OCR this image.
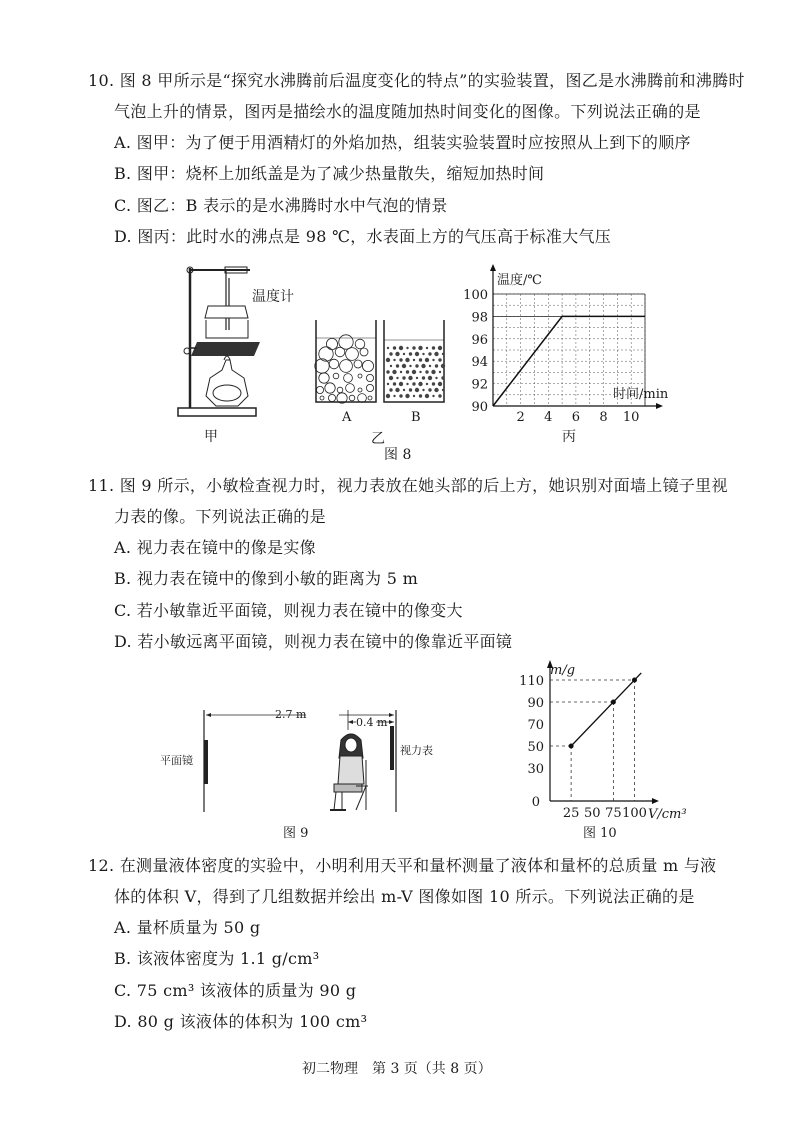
10. 图 8 甲所示是“探究水沸腾前后温度变化的特点”的实验装置，图乙是水沸腾前和沸腾时
气泡上升的情景，图丙是描绘水的温度随加热时间变化的图像。下列说法正确的是
A. 图甲：为了便于用酒精灯的外焰加热，组装实验装置时应按照从上到下的顺序
B. 图甲：烧杯上加纸盖是为了减少热量散失，缩短加热时间
C. 图乙：B 表示的是水沸腾时水中气泡的情景
D. 图丙：此时水的沸点是 98 ℃，水表面上方的气压高于标准大气压
温度计
甲
A	B
乙
90
92
94
96
98
100
2 4 6 8 10
温度/℃
时间/min
丙
图 8
11. 图 9 所示，小敏检查视力时，视力表放在她头部的后上方，她识别对面墙上镜子里视
力表的像。下列说法正确的是
A. 视力表在镜中的像是实像
B. 视力表在镜中的像到小敏的距离为 5 m
C. 若小敏靠近平面镜，则视力表在镜中的像变大
D. 若小敏远离平面镜，则视力表在镜中的像靠近平面镜
2.7 m
0.4 m
平面镜
视力表
图 9
30
50
70
90
110
25 50 75 100
0
m/g
V/cm³
图 10
12. 在测量液体密度的实验中，小明利用天平和量杯测量了液体和量杯的总质量 m 与液
体的体积 V，得到了几组数据并绘出 m-V 图像如图 10 所示。下列说法正确的是
A. 量杯质量为 50 g
B. 该液体密度为 1.1 g/cm³
C. 75 cm³ 该液体的质量为 90 g
D. 80 g 该液体的体积为 100 cm³
初二物理　第 3 页（共 8 页）
